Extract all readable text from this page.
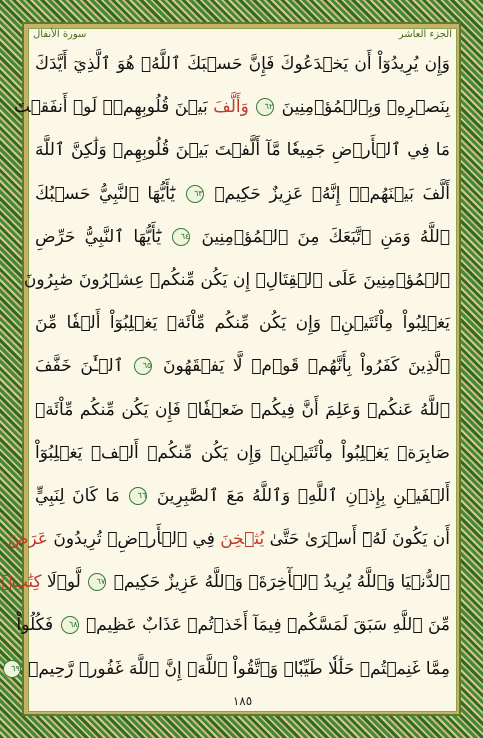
الجزء العاشر
سورة الأنفال
وَإِن يُرِيدُوٓاْ أَن يَخۡدَعُوكَ فَإِنَّ حَسۡبَكَ ٱللَّهُۚ هُوَ ٱلَّذِيٓ أَيَّدَكَ
بِنَصۡرِهِۦ وَبِٱلۡمُؤۡمِنِينَ ٦٢ وَأَلَّفَ بَيۡنَ قُلُوبِهِمۡۚ لَوۡ أَنفَقۡتَ
مَا فِي ٱلۡأَرۡضِ جَمِيعٗا مَّآ أَلَّفۡتَ بَيۡنَ قُلُوبِهِمۡ وَلَٰكِنَّ ٱللَّهَ
أَلَّفَ بَيۡنَهُمۡۚ إِنَّهُۥ عَزِيزٌ حَكِيمٞ ٦٣ يَٰٓأَيُّهَا ٱلنَّبِيُّ حَسۡبُكَ
ٱللَّهُ وَمَنِ ٱتَّبَعَكَ مِنَ ٱلۡمُؤۡمِنِينَ ٦٤ يَٰٓأَيُّهَا ٱلنَّبِيُّ حَرِّضِ
ٱلۡمُؤۡمِنِينَ عَلَى ٱلۡقِتَالِۚ إِن يَكُن مِّنكُمۡ عِشۡرُونَ صَٰبِرُونَ
يَغۡلِبُواْ مِاْئَتَيۡنِۚ وَإِن يَكُن مِّنكُم مِّاْئَةٞ يَغۡلِبُوٓاْ أَلۡفٗا مِّنَ
ٱلَّذِينَ كَفَرُواْ بِأَنَّهُمۡ قَوۡمٞ لَّا يَفۡقَهُونَ ٦٥ ٱلۡـَٰٔنَ خَفَّفَ
ٱللَّهُ عَنكُمۡ وَعَلِمَ أَنَّ فِيكُمۡ ضَعۡفٗاۚ فَإِن يَكُن مِّنكُم مِّاْئَةٞ
صَابِرَةٞ يَغۡلِبُواْ مِاْئَتَيۡنِۚ وَإِن يَكُن مِّنكُمۡ أَلۡفٞ يَغۡلِبُوٓاْ
أَلۡفَيۡنِ بِإِذۡنِ ٱللَّهِۗ وَٱللَّهُ مَعَ ٱلصَّٰبِرِينَ ٦٦ مَا كَانَ لِنَبِيٍّ
أَن يَكُونَ لَهُۥٓ أَسۡرَىٰ حَتَّىٰ يُثۡخِنَ فِي ٱلۡأَرۡضِۚ تُرِيدُونَ عَرَضَ
ٱلدُّنۡيَا وَٱللَّهُ يُرِيدُ ٱلۡأٓخِرَةَۗ وَٱللَّهُ عَزِيزٌ حَكِيمٞ ٦٧ لَّوۡلَا كِتَٰبٞ
مِّنَ ٱللَّهِ سَبَقَ لَمَسَّكُمۡ فِيمَآ أَخَذۡتُمۡ عَذَابٌ عَظِيمٞ ٦٨ فَكُلُواْ
مِمَّا غَنِمۡتُمۡ حَلَٰلٗا طَيِّبٗاۚ وَٱتَّقُواْ ٱللَّهَۚ إِنَّ ٱللَّهَ غَفُورٞ رَّحِيمٞ ٦٩
١٨٥
